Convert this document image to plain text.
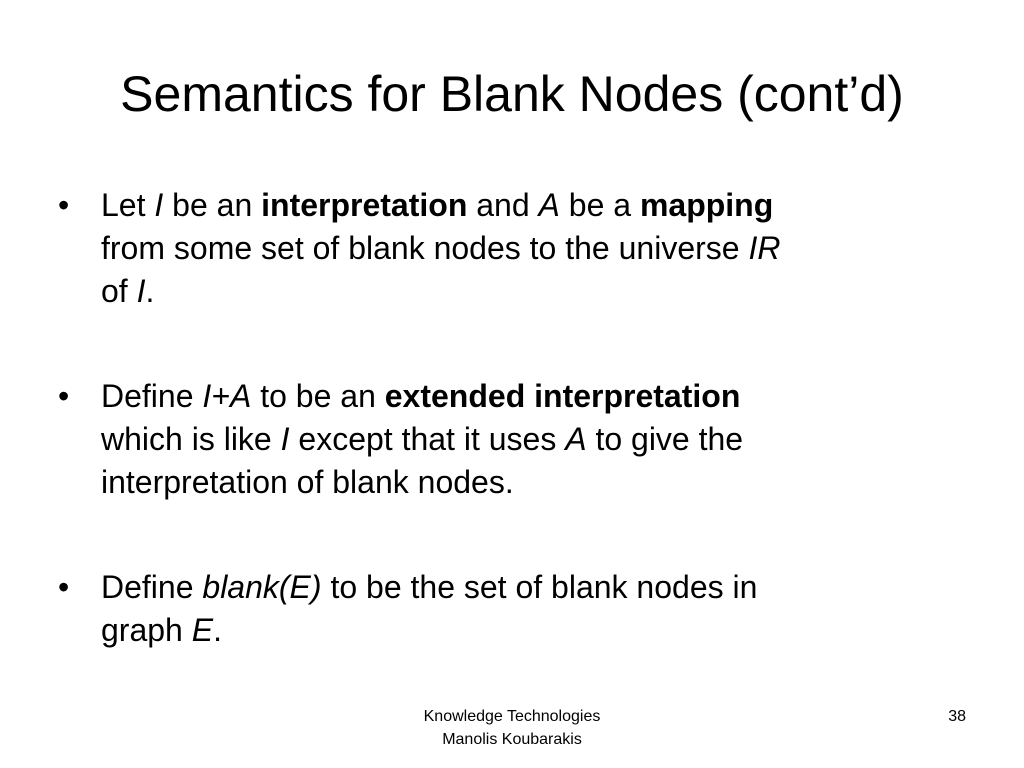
Semantics for Blank Nodes (cont’d)
• Let I be an interpretation and A be a mapping
from some set of blank nodes to the universe IR
of I.
• Define I+A to be an extended interpretation
which is like I except that it uses A to give the
interpretation of blank nodes.
• Define blank(E) to be the set of blank nodes in
graph E.
Knowledge Technologies
Manolis Koubarakis
38
